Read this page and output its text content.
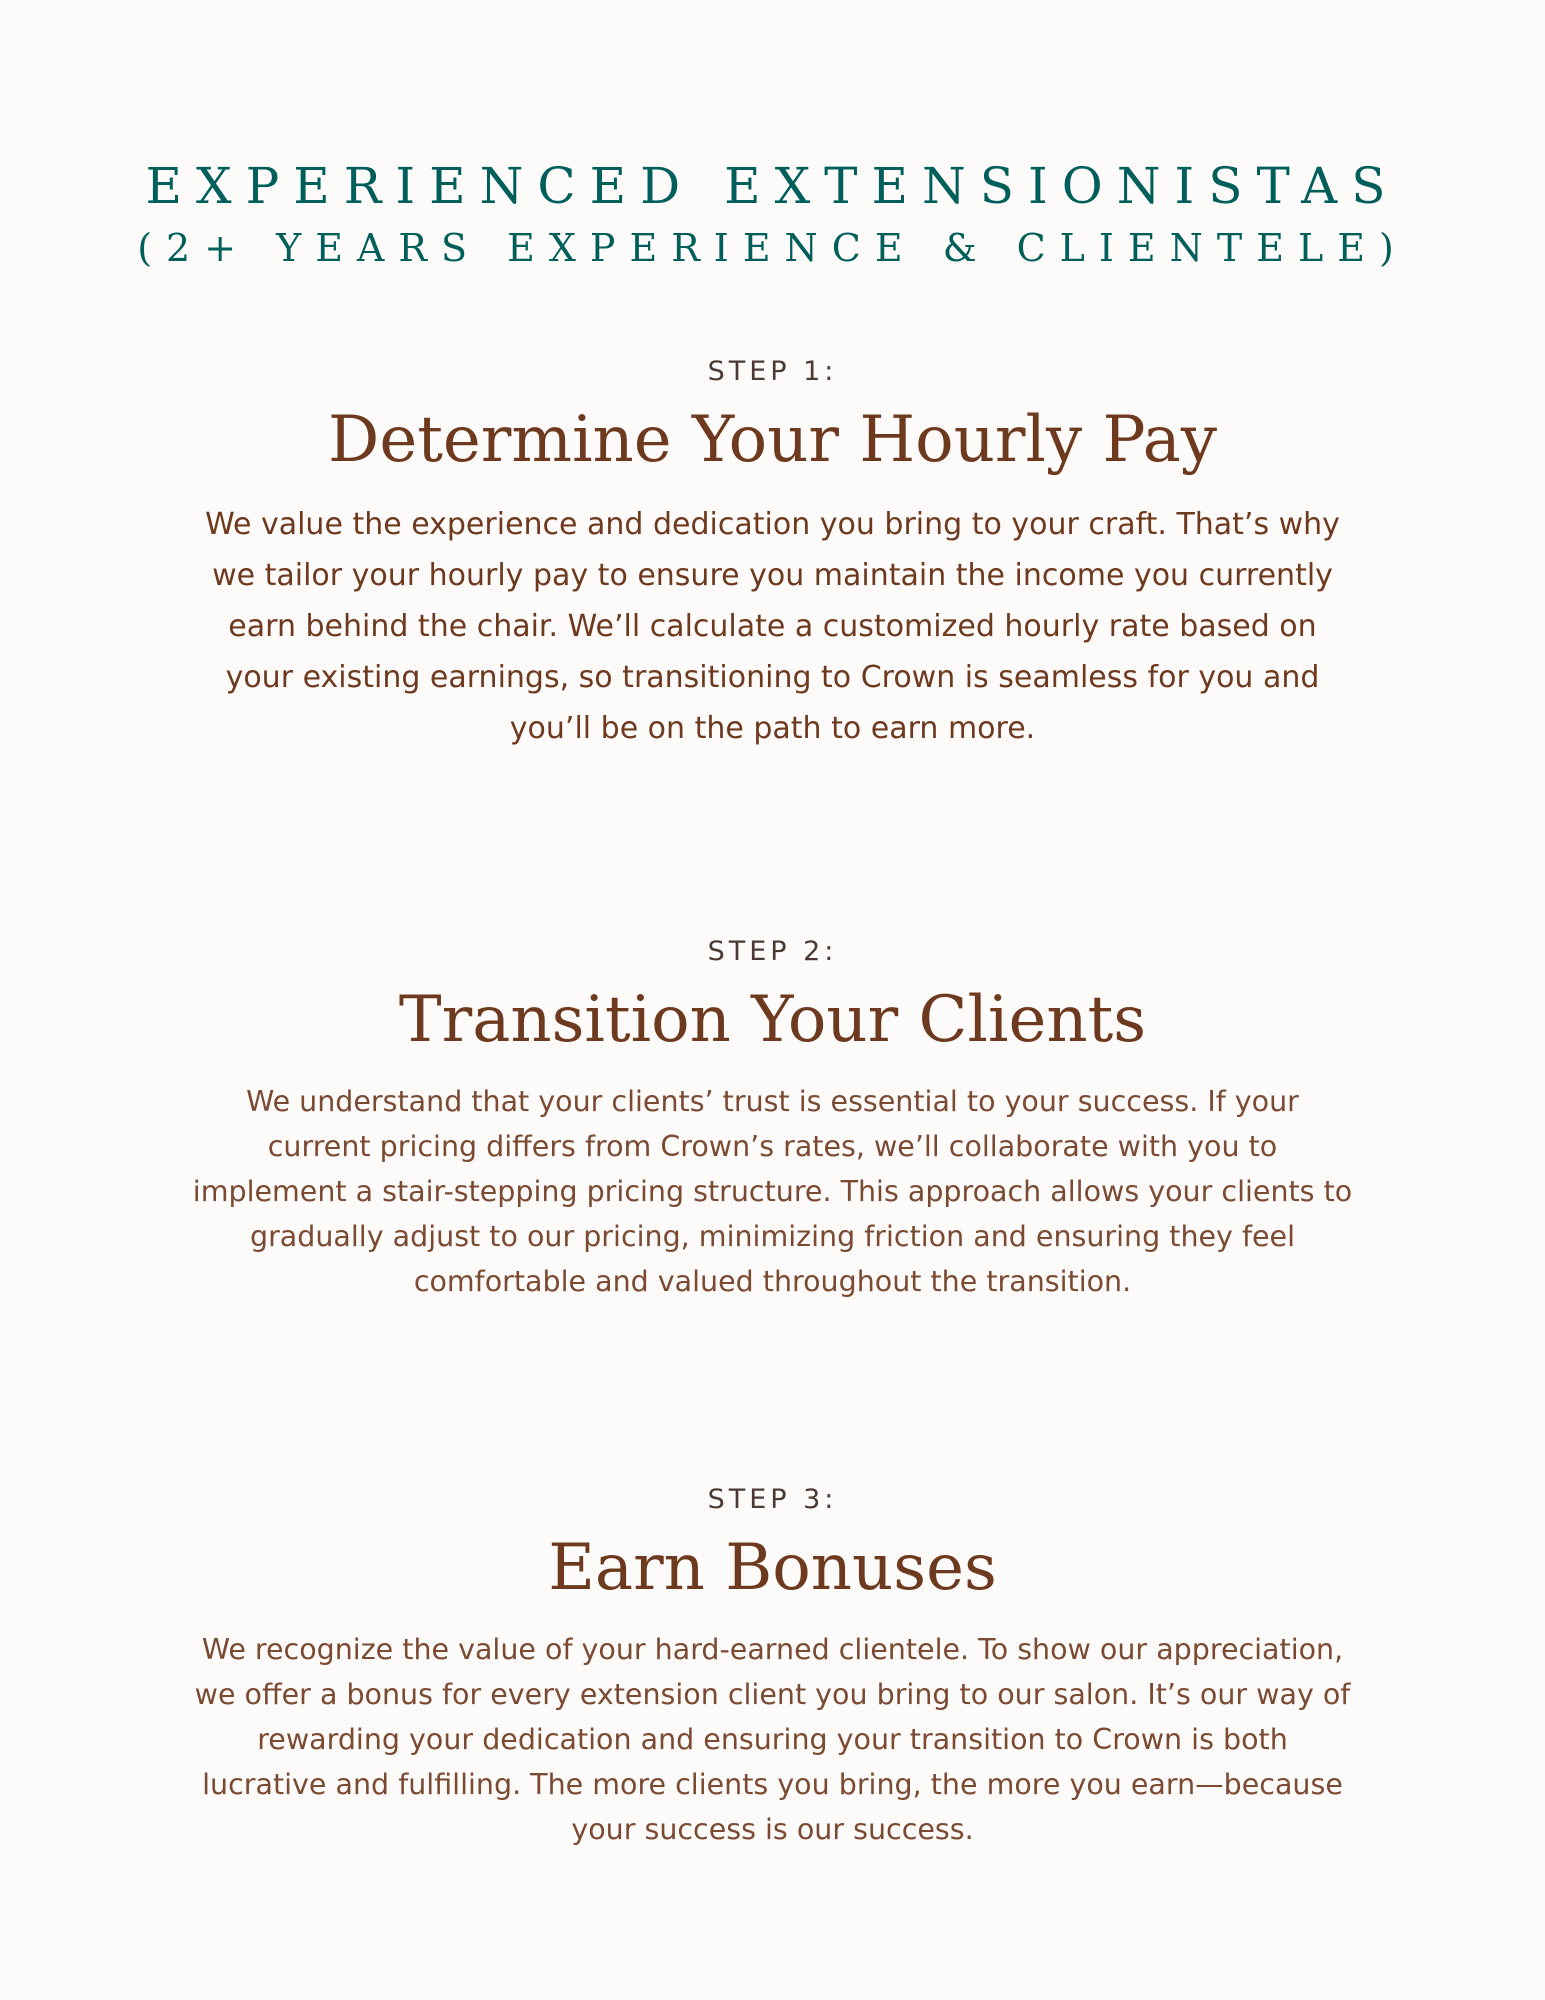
EXPERIENCED EXTENSIONISTAS
(2+ YEARS EXPERIENCE & CLIENTELE)
STEP 1:
Determine Your Hourly Pay

We value the experience and dedication you bring to your craft. That’s why we tailor your hourly pay to ensure you maintain the income you currently earn behind the chair. We’ll calculate a customized hourly rate based on your existing earnings, so transitioning to Crown is seamless for you and you’ll be on the path to earn more.

STEP 2:
Transition Your Clients

We understand that your clients’ trust is essential to your success. If your current pricing differs from Crown’s rates, we’ll collaborate with you to implement a stair-stepping pricing structure. This approach allows your clients to gradually adjust to our pricing, minimizing friction and ensuring they feel comfortable and valued throughout the transition.

STEP 3:
Earn Bonuses

We recognize the value of your hard-earned clientele. To show our appreciation, we offer a bonus for every extension client you bring to our salon. It’s our way of rewarding your dedication and ensuring your transition to Crown is both lucrative and fulfilling. The more clients you bring, the more you earn—because your success is our success.
